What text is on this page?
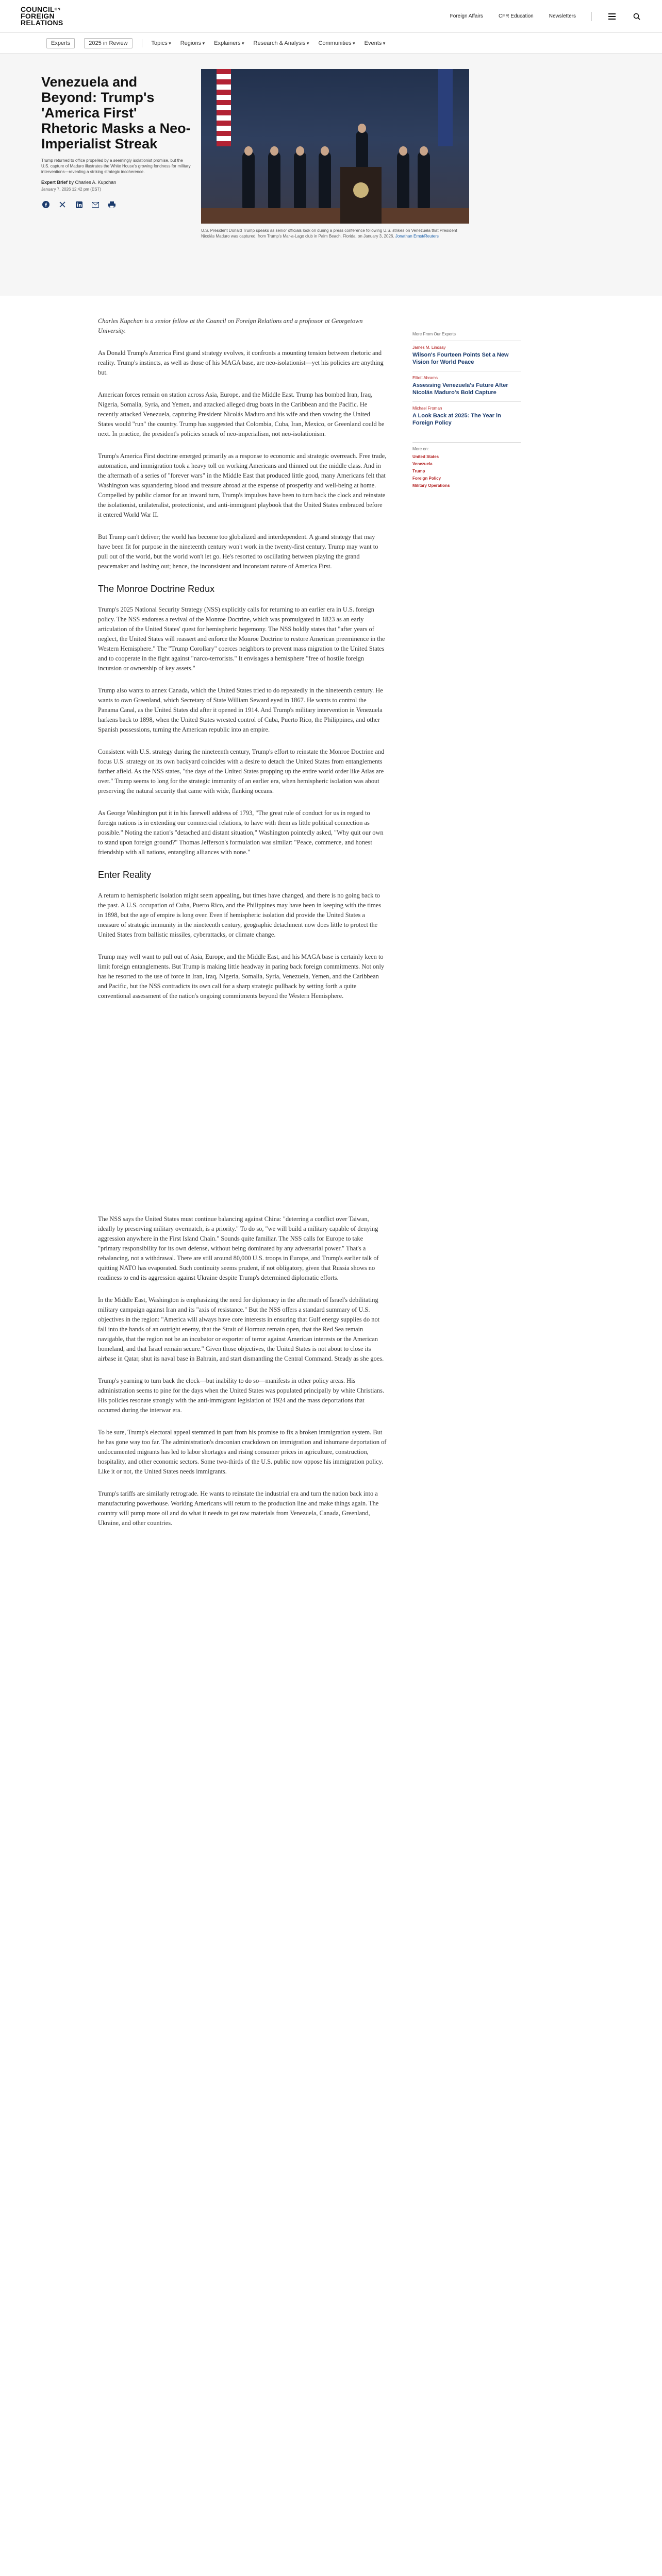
$COUNCIL^{ON}$
FOREIGN
RELATIONS
Foreign Affairs	CFR Education	Newsletters
Experts	2025 in Review	Topics ▾	Regions ▾	Explainers ▾	Research & Analysis ▾	Communities ▾	Events ▾
Venezuela and Beyond: Trump's 'America First' Rhetoric Masks a Neo-Imperialist Streak

Trump returned to office propelled by a seemingly isolationist promise, but the U.S. capture of Maduro illustrates the White House's growing fondness for military interventions—revealing a striking strategic incoherence.

Expert Brief by Charles A. Kupchan
January 7, 2026 12:42 pm (EST)

U.S. President Donald Trump speaks as senior officials look on during a press conference following U.S. strikes on Venezuela that President Nicolás Maduro was captured, from Trump's Mar-a-Lago club in Palm Beach, Florida, on January 3, 2026. Jonathan Ernst/Reuters

Charles Kupchan is a senior fellow at the Council on Foreign Relations and a professor at Georgetown University.

As Donald Trump's America First grand strategy evolves, it confronts a mounting tension between rhetoric and reality. Trump's instincts, as well as those of his MAGA base, are neo-isolationist—yet his policies are anything but.

American forces remain on station across Asia, Europe, and the Middle East. Trump has bombed Iran, Iraq, Nigeria, Somalia, Syria, and Yemen, and attacked alleged drug boats in the Caribbean and the Pacific. He recently attacked Venezuela, capturing President Nicolás Maduro and his wife and then vowing the United States would "run" the country. Trump has suggested that Colombia, Cuba, Iran, Mexico, or Greenland could be next. In practice, the president's policies smack of neo-imperialism, not neo-isolationism.

Trump's America First doctrine emerged primarily as a response to economic and strategic overreach. Free trade, automation, and immigration took a heavy toll on working Americans and thinned out the middle class. And in the aftermath of a series of "forever wars" in the Middle East that produced little good, many Americans felt that Washington was squandering blood and treasure abroad at the expense of prosperity and well-being at home. Compelled by public clamor for an inward turn, Trump's impulses have been to turn back the clock and reinstate the isolationist, unilateralist, protectionist, and anti-immigrant playbook that the United States embraced before it entered World War II.

But Trump can't deliver; the world has become too globalized and interdependent. A grand strategy that may have been fit for purpose in the nineteenth century won't work in the twenty-first century. Trump may want to pull out of the world, but the world won't let go. He's resorted to oscillating between playing the grand peacemaker and lashing out; hence, the inconsistent and inconstant nature of America First.

The Monroe Doctrine Redux

Trump's 2025 National Security Strategy (NSS) explicitly calls for returning to an earlier era in U.S. foreign policy. The NSS endorses a revival of the Monroe Doctrine, which was promulgated in 1823 as an early articulation of the United States' quest for hemispheric hegemony. The NSS boldly states that "after years of neglect, the United States will reassert and enforce the Monroe Doctrine to restore American preeminence in the Western Hemisphere." The "Trump Corollary" coerces neighbors to prevent mass migration to the United States and to cooperate in the fight against "narco-terrorists." It envisages a hemisphere "free of hostile foreign incursion or ownership of key assets."

Trump also wants to annex Canada, which the United States tried to do repeatedly in the nineteenth century. He wants to own Greenland, which Secretary of State William Seward eyed in 1867. He wants to control the Panama Canal, as the United States did after it opened in 1914. And Trump's military intervention in Venezuela harkens back to 1898, when the United States wrested control of Cuba, Puerto Rico, the Philippines, and other Spanish possessions, turning the American republic into an empire.

Consistent with U.S. strategy during the nineteenth century, Trump's effort to reinstate the Monroe Doctrine and focus U.S. strategy on its own backyard coincides with a desire to detach the United States from entanglements farther afield. As the NSS states, "the days of the United States propping up the entire world order like Atlas are over." Trump seems to long for the strategic immunity of an earlier era, when hemispheric isolation was about preserving the natural security that came with wide, flanking oceans.

As George Washington put it in his farewell address of 1793, "The great rule of conduct for us in regard to foreign nations is in extending our commercial relations, to have with them as little political connection as possible." Noting the nation's "detached and distant situation," Washington pointedly asked, "Why quit our own to stand upon foreign ground?" Thomas Jefferson's formulation was similar: "Peace, commerce, and honest friendship with all nations, entangling alliances with none."

Enter Reality

A return to hemispheric isolation might seem appealing, but times have changed, and there is no going back to the past. A U.S. occupation of Cuba, Puerto Rico, and the Philippines may have been in keeping with the times in 1898, but the age of empire is long over. Even if hemispheric isolation did provide the United States a measure of strategic immunity in the nineteenth century, geographic detachment now does little to protect the United States from ballistic missiles, cyberattacks, or climate change.

Trump may well want to pull out of Asia, Europe, and the Middle East, and his MAGA base is certainly keen to limit foreign entanglements. But Trump is making little headway in paring back foreign commitments. Not only has he resorted to the use of force in Iran, Iraq, Nigeria, Somalia, Syria, Venezuela, Yemen, and the Caribbean and Pacific, but the NSS contradicts its own call for a sharp strategic pullback by setting forth a quite conventional assessment of the nation's ongoing commitments beyond the Western Hemisphere.

The NSS says the United States must continue balancing against China: "deterring a conflict over Taiwan, ideally by preserving military overmatch, is a priority." To do so, "we will build a military capable of denying aggression anywhere in the First Island Chain." Sounds quite familiar. The NSS calls for Europe to take "primary responsibility for its own defense, without being dominated by any adversarial power." That's a rebalancing, not a withdrawal. There are still around 80,000 U.S. troops in Europe, and Trump's earlier talk of quitting NATO has evaporated. Such continuity seems prudent, if not obligatory, given that Russia shows no readiness to end its aggression against Ukraine despite Trump's determined diplomatic efforts.

In the Middle East, Washington is emphasizing the need for diplomacy in the aftermath of Israel's debilitating military campaign against Iran and its "axis of resistance." But the NSS offers a standard summary of U.S. objectives in the region: "America will always have core interests in ensuring that Gulf energy supplies do not fall into the hands of an outright enemy, that the Strait of Hormuz remain open, that the Red Sea remain navigable, that the region not be an incubator or exporter of terror against American interests or the American homeland, and that Israel remain secure." Given those objectives, the United States is not about to close its airbase in Qatar, shut its naval base in Bahrain, and start dismantling the Central Command. Steady as she goes.

Trump's yearning to turn back the clock—but inability to do so—manifests in other policy areas. His administration seems to pine for the days when the United States was populated principally by white Christians. His policies resonate strongly with the anti-immigrant legislation of 1924 and the mass deportations that occurred during the interwar era.

To be sure, Trump's electoral appeal stemmed in part from his promise to fix a broken immigration system. But he has gone way too far. The administration's draconian crackdown on immigration and inhumane deportation of undocumented migrants has led to labor shortages and rising consumer prices in agriculture, construction, hospitality, and other economic sectors. Some two-thirds of the U.S. public now oppose his immigration policy. Like it or not, the United States needs immigrants.

Trump's tariffs are similarly retrograde. He wants to reinstate the industrial era and turn the nation back into a manufacturing powerhouse. Working Americans will return to the production line and make things again. The country will pump more oil and do what it needs to get raw materials from Venezuela, Canada, Greenland, Ukraine, and other countries.

More From Our Experts
James M. Lindsay
Wilson's Fourteen Points Set a New Vision for World Peace
Elliott Abrams
Assessing Venezuela's Future After Nicolás Maduro's Bold Capture
Michael Froman
A Look Back at 2025: The Year in Foreign Policy
More on:
United States
Venezuela
Trump
Foreign Policy
Military Operations
